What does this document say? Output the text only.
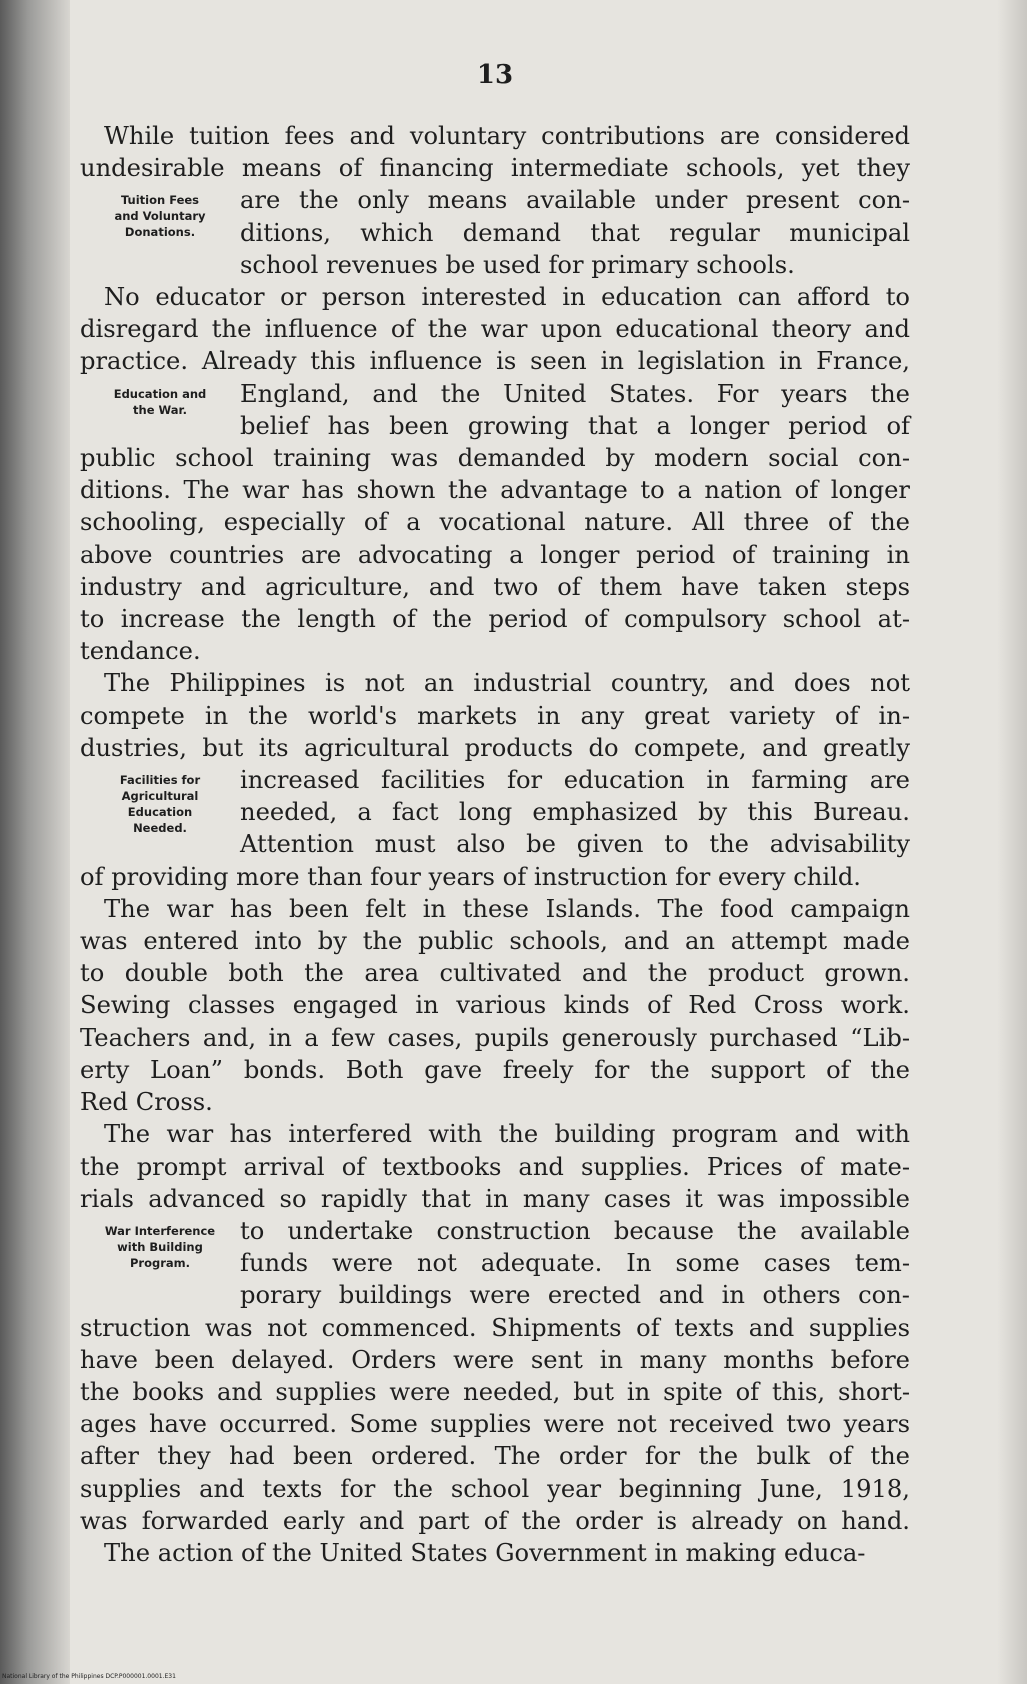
13
While tuition fees and voluntary contributions are considered
undesirable means of financing intermediate schools, yet they
Tuition Fees
and Voluntary
Donations.
are the only means available under present con-
ditions, which demand that regular municipal
school revenues be used for primary schools.
No educator or person interested in education can afford to
disregard the influence of the war upon educational theory and
practice. Already this influence is seen in legislation in France,
Education and
the War.
England, and the United States. For years the
belief has been growing that a longer period of
public school training was demanded by modern social con-
ditions. The war has shown the advantage to a nation of longer
schooling, especially of a vocational nature. All three of the
above countries are advocating a longer period of training in
industry and agriculture, and two of them have taken steps
to increase the length of the period of compulsory school at-
tendance.
The Philippines is not an industrial country, and does not
compete in the world's markets in any great variety of in-
dustries, but its agricultural products do compete, and greatly
Facilities for
Agricultural
Education
Needed.
increased facilities for education in farming are
needed, a fact long emphasized by this Bureau.
Attention must also be given to the advisability
of providing more than four years of instruction for every child.
The war has been felt in these Islands. The food campaign
was entered into by the public schools, and an attempt made
to double both the area cultivated and the product grown.
Sewing classes engaged in various kinds of Red Cross work.
Teachers and, in a few cases, pupils generously purchased “Lib-
erty Loan” bonds. Both gave freely for the support of the
Red Cross.
The war has interfered with the building program and with
the prompt arrival of textbooks and supplies. Prices of mate-
rials advanced so rapidly that in many cases it was impossible
War Interference
with Building
Program.
to undertake construction because the available
funds were not adequate. In some cases tem-
porary buildings were erected and in others con-
struction was not commenced. Shipments of texts and supplies
have been delayed. Orders were sent in many months before
the books and supplies were needed, but in spite of this, short-
ages have occurred. Some supplies were not received two years
after they had been ordered. The order for the bulk of the
supplies and texts for the school year beginning June, 1918,
was forwarded early and part of the order is already on hand.
The action of the United States Government in making educa-
National Library of the Philippines DCP.P000001.0001.E31
